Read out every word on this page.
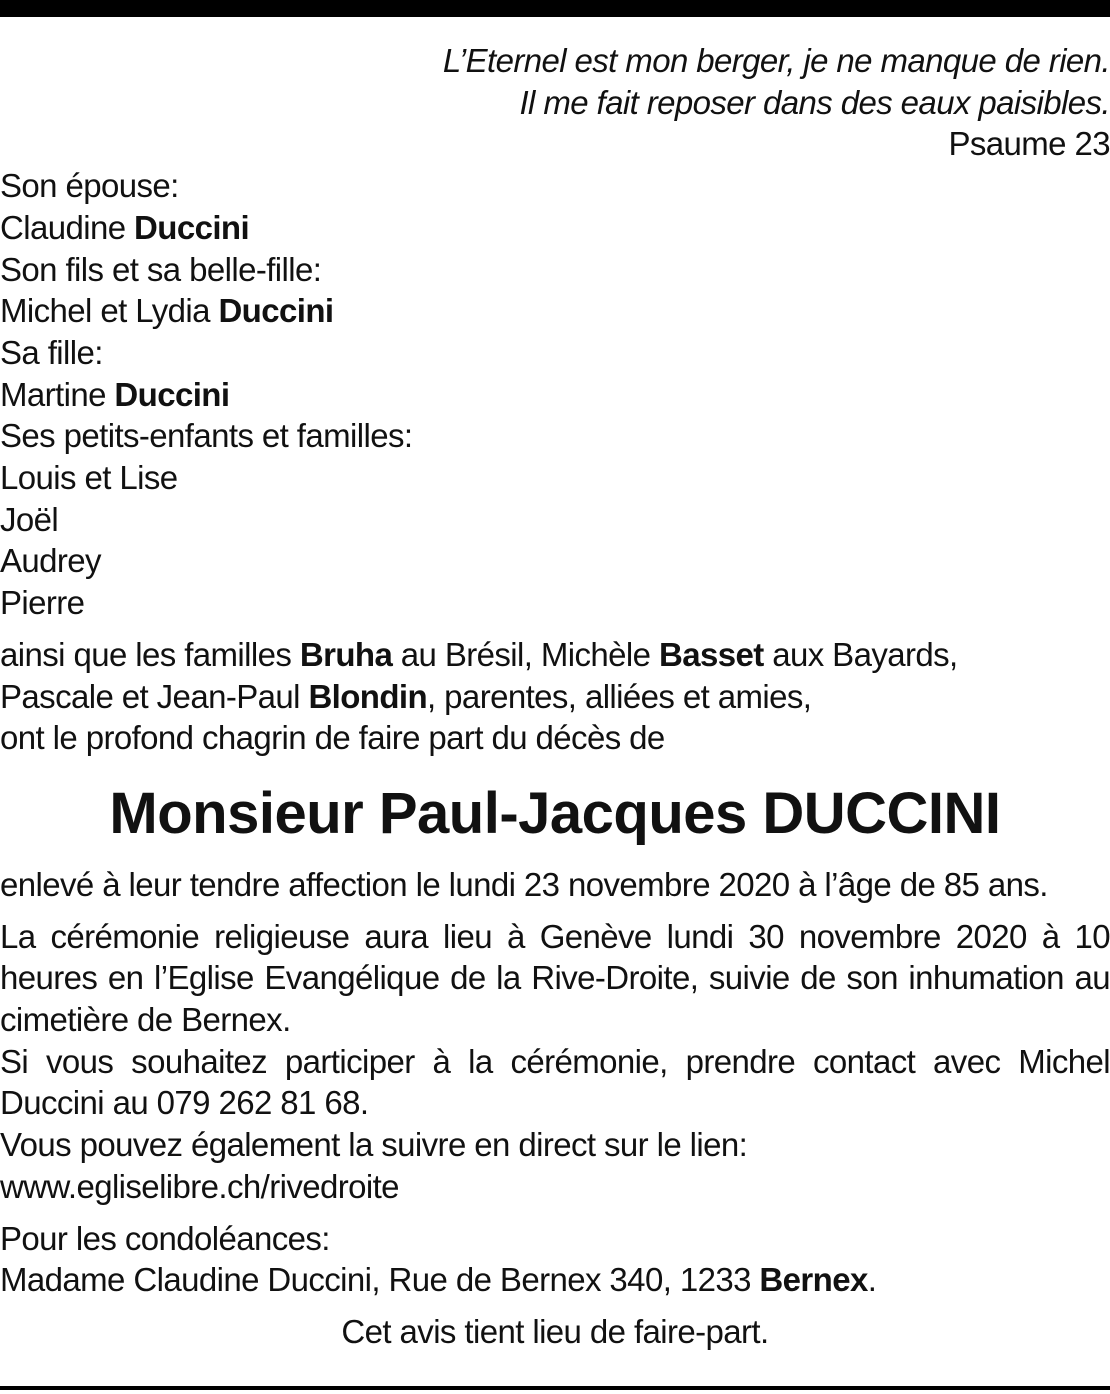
L’Eternel est mon berger, je ne manque de rien.
Il me fait reposer dans des eaux paisibles.
Psaume 23
Son épouse:
Claudine Duccini
Son fils et sa belle-fille:
Michel et Lydia Duccini
Sa fille:
Martine Duccini
Ses petits-enfants et familles:
Louis et Lise
Joël
Audrey
Pierre
ainsi que les familles Bruha au Brésil, Michèle Basset aux Bayards,
Pascale et Jean-Paul Blondin, parentes, alliées et amies,
ont le profond chagrin de faire part du décès de
Monsieur Paul-Jacques DUCCINI
enlevé à leur tendre affection le lundi 23 novembre 2020 à l’âge de 85 ans.
La cérémonie religieuse aura lieu à Genève lundi 30 novembre 2020 à 10 heures en l’Eglise Evangélique de la Rive-Droite, suivie de son inhumation au cimetière de Bernex.
Si vous souhaitez participer à la cérémonie, prendre contact avec Michel Duccini au 079 262 81 68.
Vous pouvez également la suivre en direct sur le lien:
www.egliselibre.ch/rivedroite
Pour les condoléances:
Madame Claudine Duccini, Rue de Bernex 340, 1233 Bernex.
Cet avis tient lieu de faire-part.
